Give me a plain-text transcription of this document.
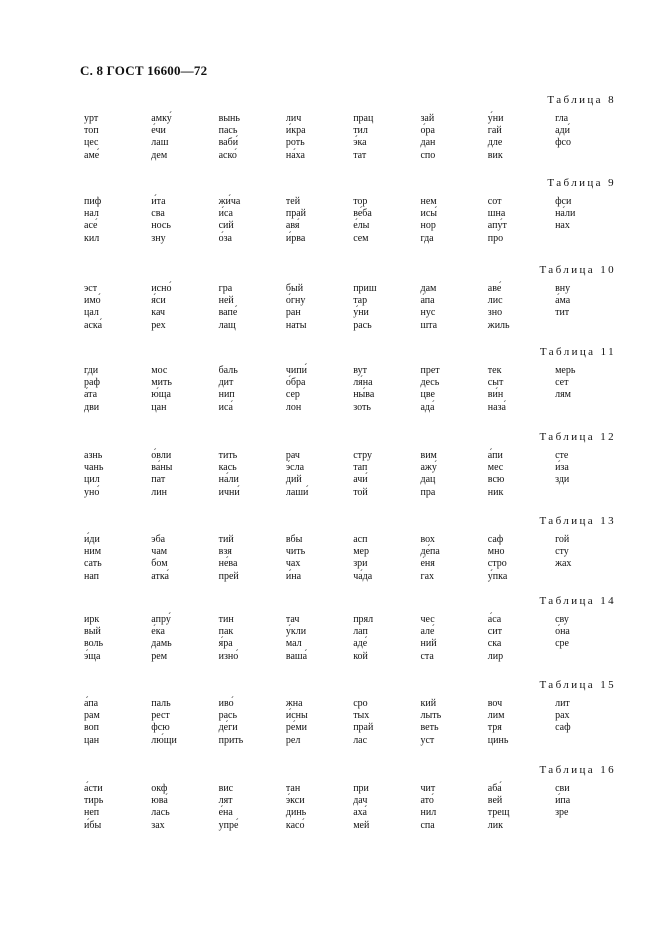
С. 8 ГОСТ 16600—72
Таблица 8
урт
топ
цес
аме́
амку́
е́чи
лаш
дем
вынь
пась
ваби́
аско́
лич
и́кра
роть
на́ха
прац
тил
э́ка
тат
зай
о́ра
дан
спо
у́ни
гай
дле
вик
гла
ади́
фсо
Таблица 9
пиф
нал
асе́
кил
и́та
сва
нось
зну
жи́ча
и́са
сий
о́за
тей
прай
авя́
и́рва
тор
ве́ба
е́лы
сем
нем
исы́
нор
гда
сот
шна
апу́т
про
фси
на́ли
нах
Таблица 10
эст
имо́
цал
аска́
исно́
я́си
кач
рех
гра
ней
вапе́
лащ
бый
о́гну
ран
наты
приш
тар
у́ни
рась
дам
а́па
нус
шта
аве́
лис
зно
жиль
вну
а́ма
тит
Таблица 11
гди
раф
а́та
дви
мос
мить
ю́ща
цан
баль
дит
нип
иса́
чипи́
о́бра
сер
лон
вут
ля́на
ны́ва
зоть
прет
десь
цве
ада́
тек
сыт
ви́н
наза́
мерь
сет
лям
Таблица 12
азнь
чань
цил
уно́
о́вли
ва́ны
пат
лин
тить
кась
на́ли
ични́
рач
э́сла
дий
лаши́
стру
тап
ачи́
той
вим
ажу́
дац
пра
а́пи
мес
всю
ник
сте
и́за
зди
Таблица 13
и́ди
ним
сать
нап
эба
чам
бом
атка́
тий
взя
не́ва
прей
вбы
чить
чах
и́на
асп
мер
зри
ча́да
вох
де́па
е́ня
гах
саф
мно
стро
у́пка
гой
сту
жах
Таблица 14
ирк
вый
воль
э́ща
апру́
е́ка
дамь
рем
тин
пак
я́ра
изно́
тач
у́кли
мал
ваша́
прял
лап
аде́
кой
чес
але́
ний
ста
а́са
сит
ска
лир
сву
о́на
сре
Таблица 15
а́па
рам
воп
цан
паль
рест
фсю
лю́щи
иво́
рась
де́ги
прить
жна
и́сны
ре́ми
рел
сро
тых
прай
лас
кий
лыть
веть
уст
воч
лим
тря
цинь
лит
рах
саф
Таблица 16
а́сти
тирь
неп
и́бы
окф
юва́
лась
зах
вис
лят
е́на
упре́
тан
э́кси
динь
касо́
при
дач
аха́
мей
чит
ато́
нил
спа
аба́
вей
трещ
лик
сви
и́па
зре
